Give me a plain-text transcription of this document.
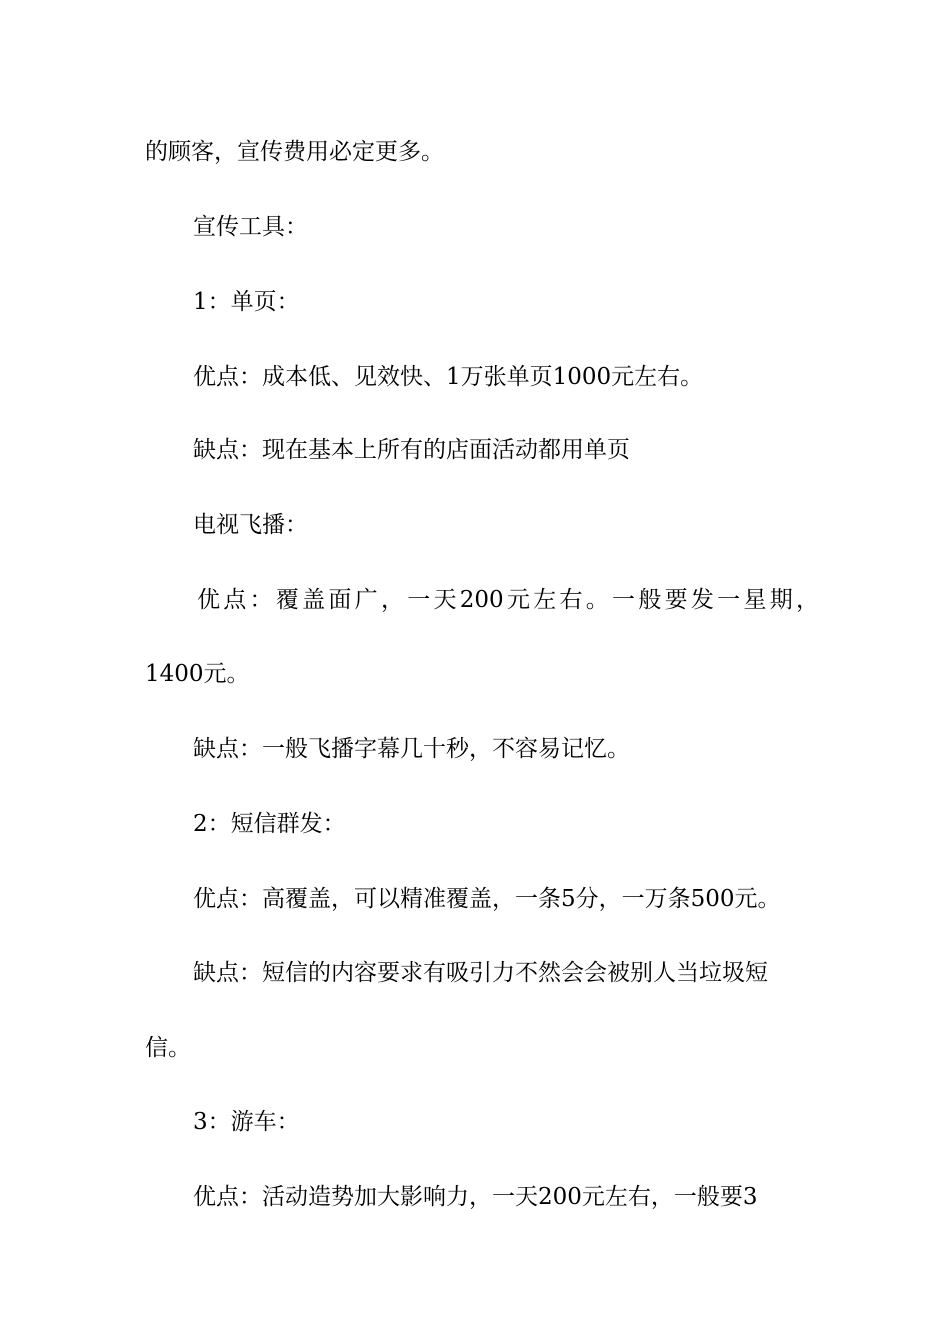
的顾客，宣传费用必定更多。

宣传工具：

1：单页：

优点：成本低、见效快、1万张单页1000元左右。

缺点：现在基本上所有的店面活动都用单页

电视飞播：

优点：覆盖面广，一天200元左右。一般要发一星期，

1400元。

缺点：一般飞播字幕几十秒，不容易记忆。

2：短信群发：

优点：高覆盖，可以精准覆盖，一条5分，一万条500元。

缺点：短信的内容要求有吸引力不然会会被别人当垃圾短

信。

3：游车：

优点：活动造势加大影响力，一天200元左右，一般要3
